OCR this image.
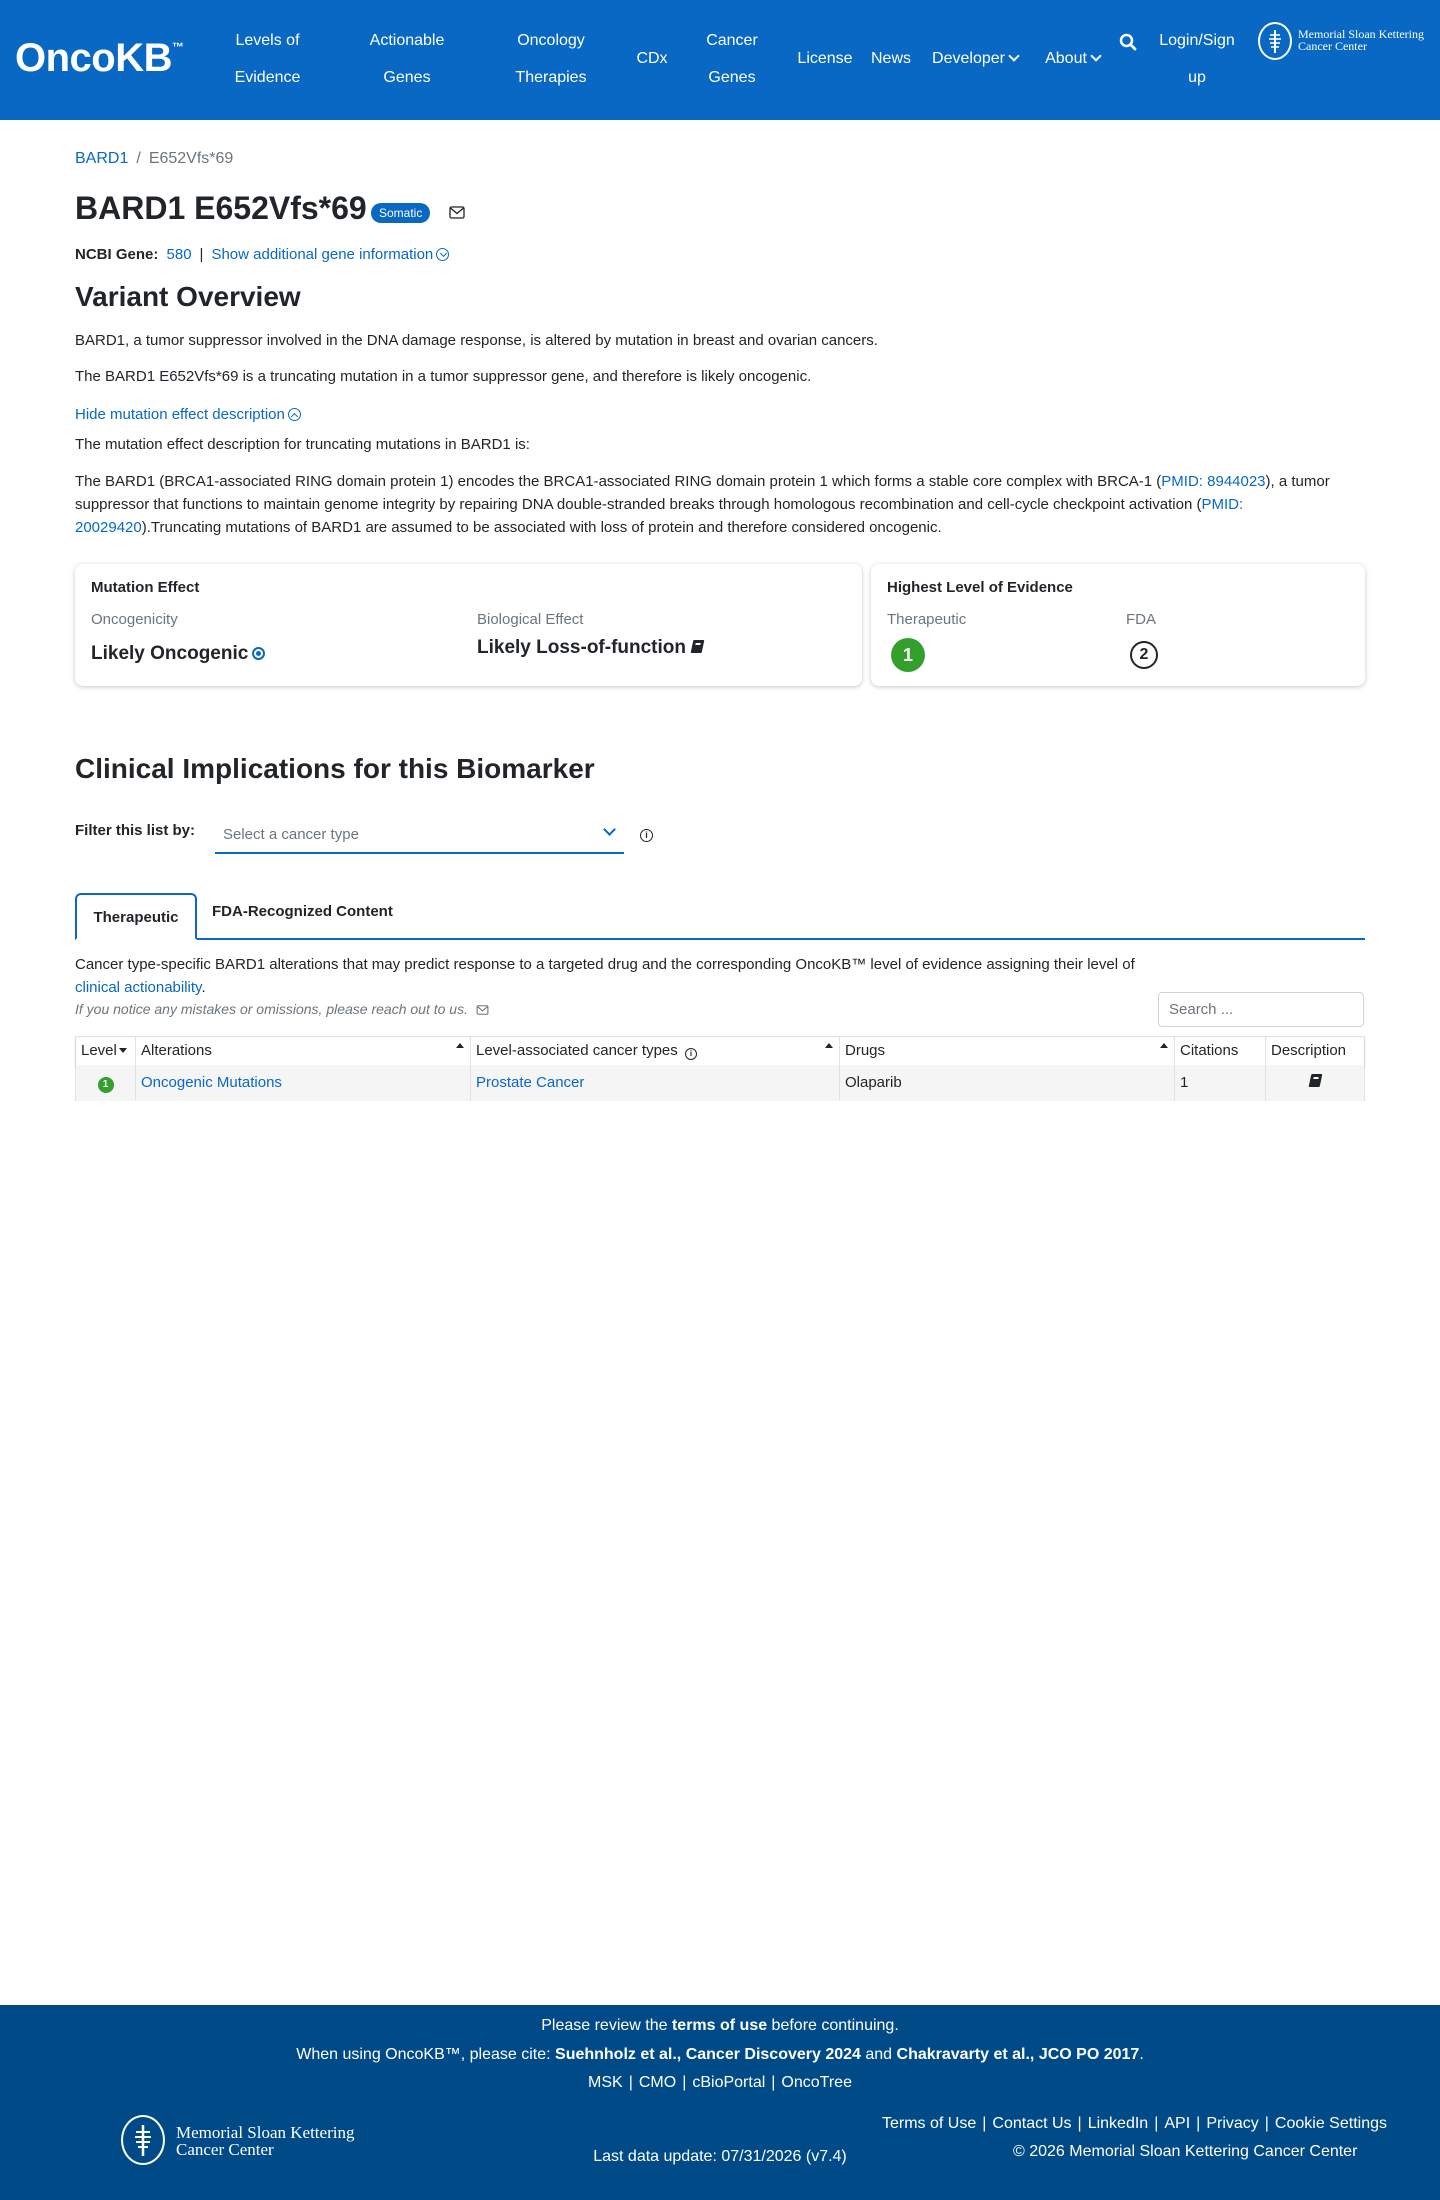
OncoKB™	Levels of
Evidence
Actionable
Genes
Oncology
Therapies
CDx
Cancer
Genes
License	News	Developer	About
Login/Sign
up
Memorial Sloan Kettering Cancer Center
BARD1 / E652Vfs*69
BARD1 E652Vfs*69	Somatic
NCBI Gene: 580 | Show additional gene information
Variant Overview

BARD1, a tumor suppressor involved in the DNA damage response, is altered by mutation in breast and ovarian cancers.

The BARD1 E652Vfs*69 is a truncating mutation in a tumor suppressor gene, and therefore is likely oncogenic.

Hide mutation effect description

The mutation effect description for truncating mutations in BARD1 is:

The BARD1 (BRCA1-associated RING domain protein 1) encodes the BRCA1-associated RING domain protein 1 which forms a stable core complex with BRCA-1 (PMID: 8944023), a tumor suppressor that functions to maintain genome integrity by repairing DNA double-stranded breaks through homologous recombination and cell-cycle checkpoint activation (PMID: 20029420).Truncating mutations of BARD1 are assumed to be associated with loss of protein and therefore considered oncogenic.

Mutation Effect
Oncogenicity
Likely Oncogenic
Biological Effect
Likely Loss-of-function
Highest Level of Evidence
Therapeutic
1
FDA
2
Clinical Implications for this Biomarker
Filter this list by: Select a cancer type	i
Therapeutic	FDA-Recognized Content

Cancer type-specific BARD1 alterations that may predict response to a targeted drug and the corresponding OncoKB™ level of evidence assigning their level of clinical actionability.

If you notice any mistakes or omissions, please reach out to us.	Search ...
Level	Alterations	Level-associated cancer types i	Drugs	Citations	Description
1	Oncogenic Mutations	Prostate Cancer	Olaparib	1
Please review the terms of use before continuing.
When using OncoKB™, please cite: Suehnholz et al., Cancer Discovery 2024 and Chakravarty et al., JCO PO 2017.
MSK | CMO | cBioPortal | OncoTree
Memorial Sloan Kettering Cancer Center	Last data update: 07/31/2026 (v7.4)
Terms of Use | Contact Us | LinkedIn | API | Privacy | Cookie Settings
© 2026 Memorial Sloan Kettering Cancer Center
